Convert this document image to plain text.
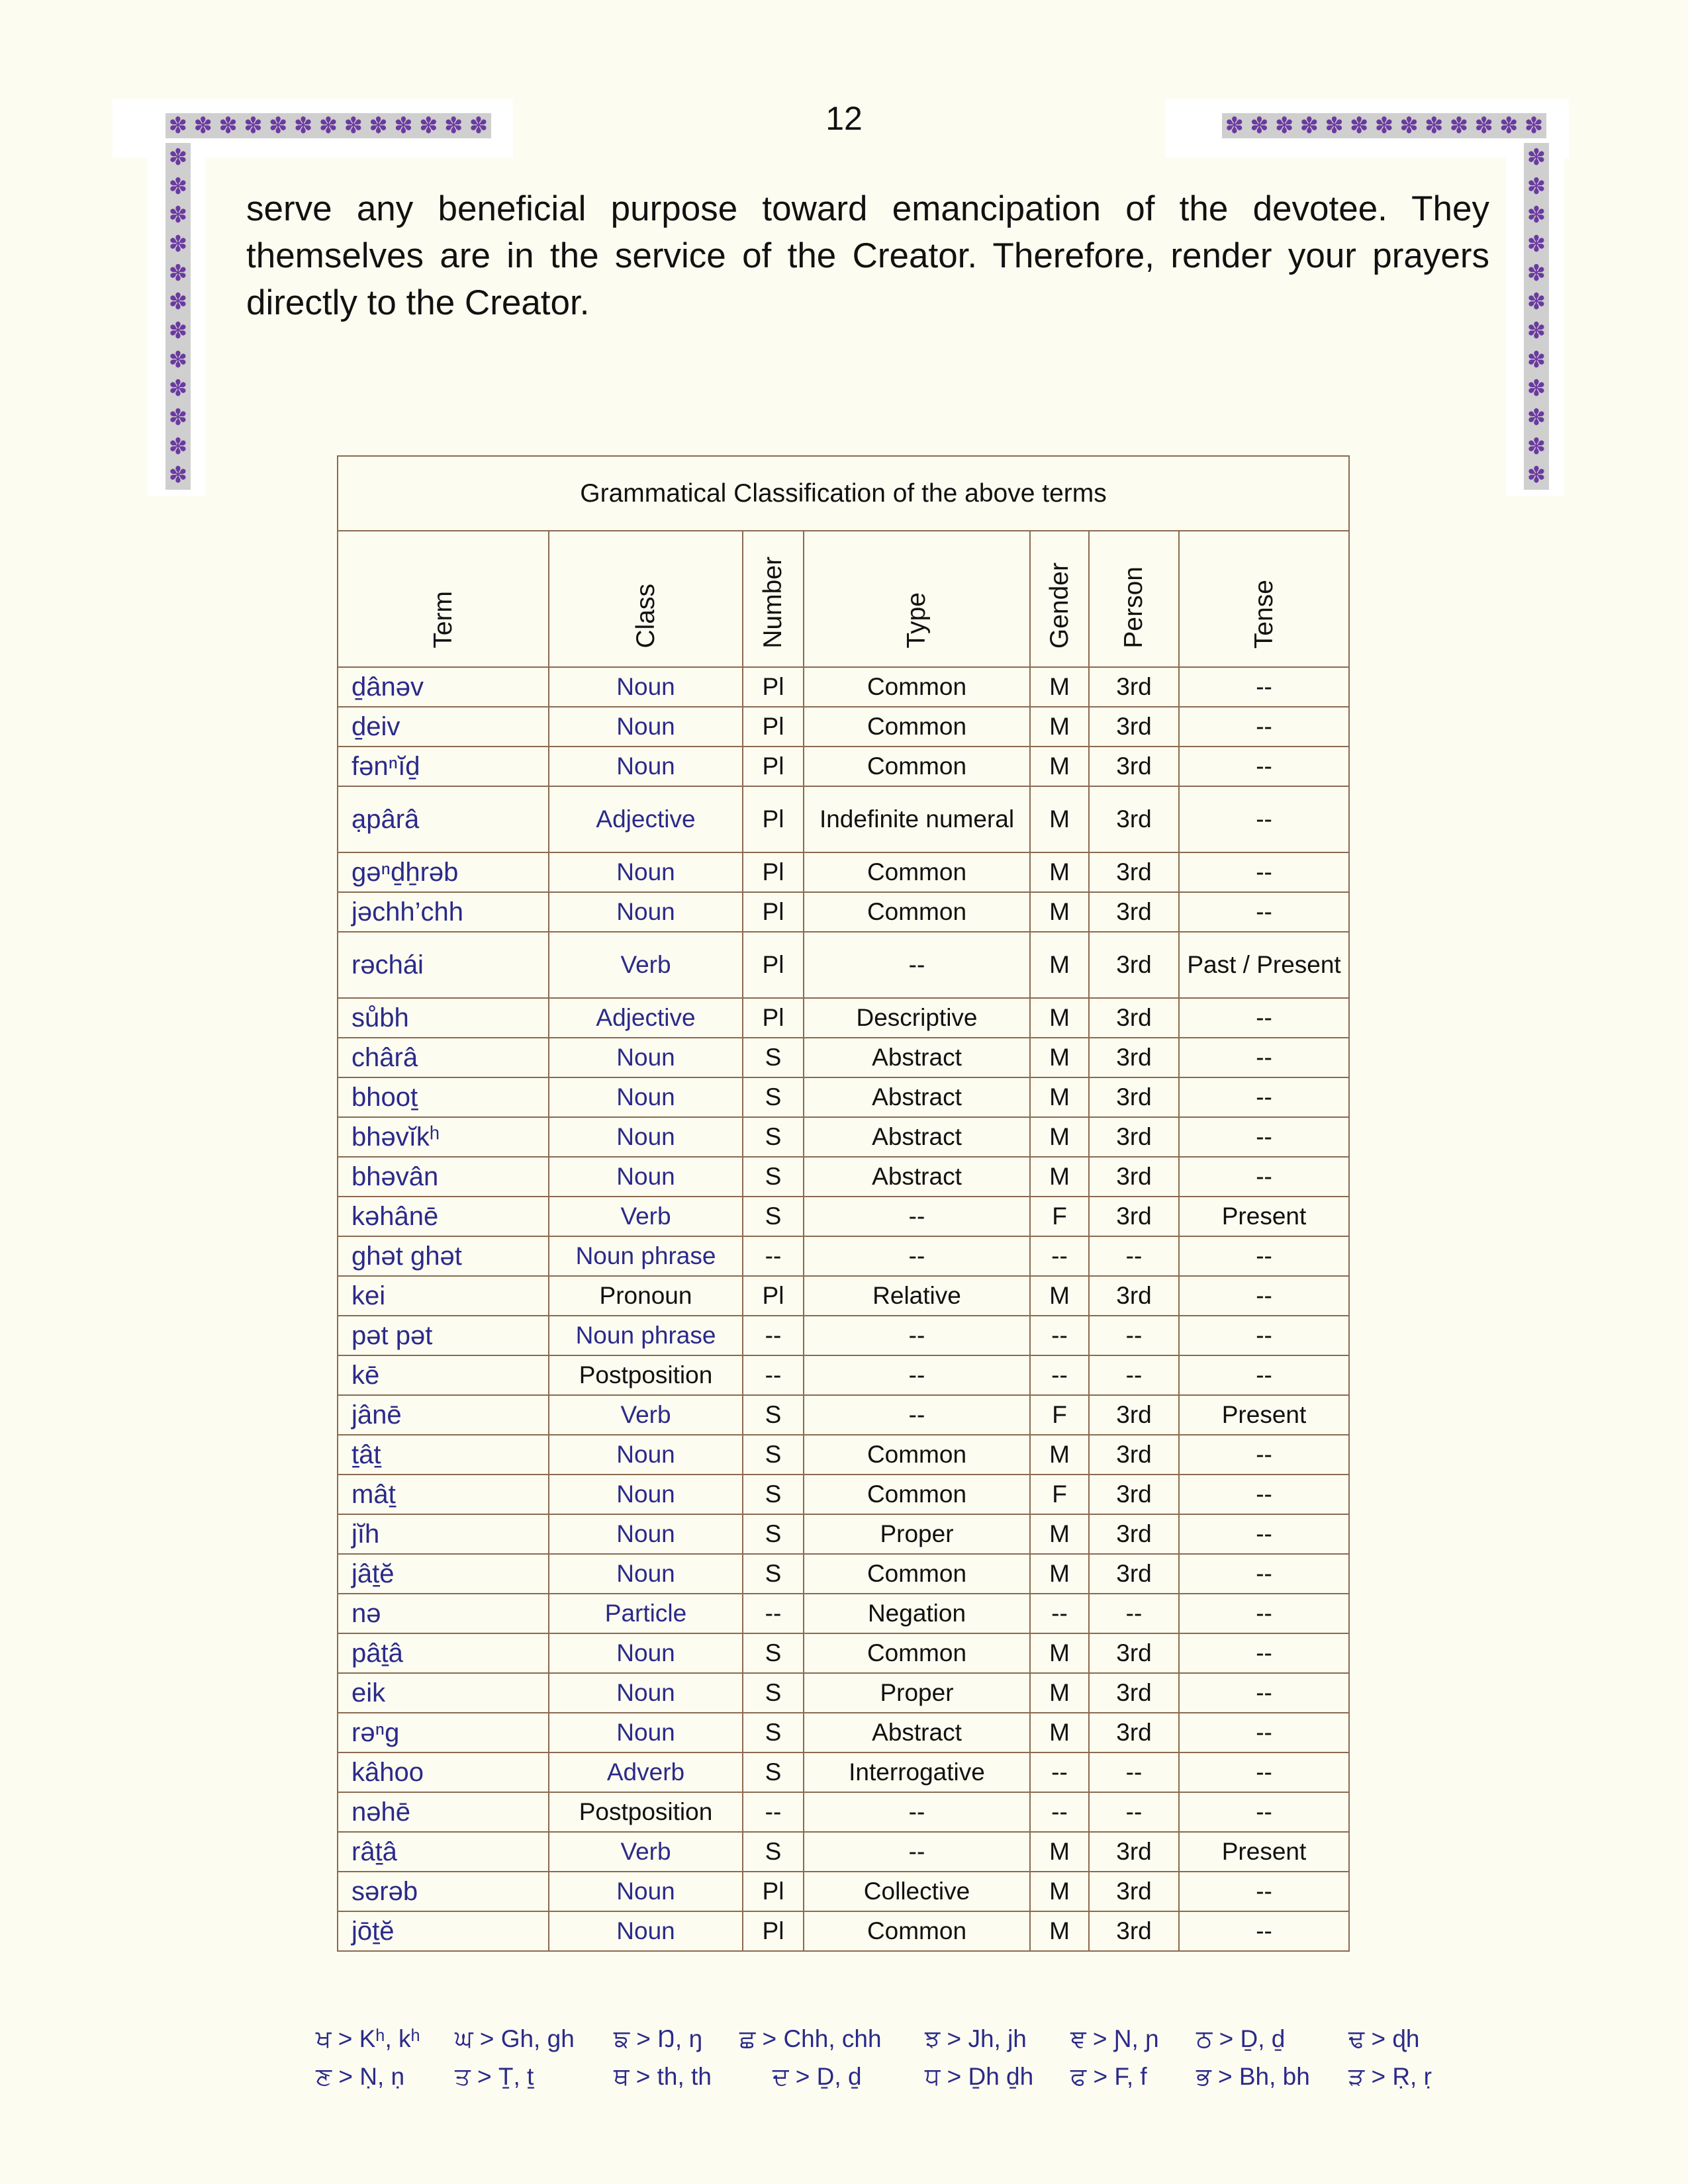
✽ ✽ ✽ ✽ ✽ ✽ ✽ ✽ ✽ ✽ ✽ ✽ ✽	✽ ✽ ✽ ✽ ✽ ✽ ✽ ✽ ✽ ✽ ✽ ✽ ✽
✽
✽
✽
✽
✽
✽
✽
✽
✽
✽
✽
✽
✽
✽
✽
✽
✽
✽
✽
✽
✽
✽
✽
✽
12

serve any beneficial purpose toward emancipation of the devotee. They themselves are in the service of the Creator. Therefore, render your prayers directly to the Creator.

Grammatical Classification of the above terms						
Term	Class	Number	Type	Gender	Person	Tense
ḏânəv	Noun	Pl	Common	M	3rd	--
ḏeiv	Noun	Pl	Common	M	3rd	--
fənⁿĭḏ	Noun	Pl	Common	M	3rd	--
ạpârâ	Adjective	Pl	Indefinite numeral	M	3rd	--
gəⁿḏẖrəb	Noun	Pl	Common	M	3rd	--
jəchh’chh	Noun	Pl	Common	M	3rd	--
rəchái	Verb	Pl	--	M	3rd	Past / Present
sůbh	Adjective	Pl	Descriptive	M	3rd	--
chârâ	Noun	S	Abstract	M	3rd	--
bhooṯ	Noun	S	Abstract	M	3rd	--
bhəvĭkʰ	Noun	S	Abstract	M	3rd	--
bhəvân	Noun	S	Abstract	M	3rd	--
kəhânē	Verb	S	--	F	3rd	Present
ghət ghət	Noun phrase	--	--	--	--	--
kei	Pronoun	Pl	Relative	M	3rd	--
pət pət	Noun phrase	--	--	--	--	--
kē	Postposition	--	--	--	--	--
jânē	Verb	S	--	F	3rd	Present
ṯâṯ	Noun	S	Common	M	3rd	--
mâṯ	Noun	S	Common	F	3rd	--
jĭh	Noun	S	Proper	M	3rd	--
jâṯĕ	Noun	S	Common	M	3rd	--
nə	Particle	--	Negation	--	--	--
pâṯâ	Noun	S	Common	M	3rd	--
eik	Noun	S	Proper	M	3rd	--
rəⁿg	Noun	S	Abstract	M	3rd	--
kâhoo	Adverb	S	Interrogative	--	--	--
nəhē	Postposition	--	--	--	--	--
râṯâ	Verb	S	--	M	3rd	Present
sərəb	Noun	Pl	Collective	M	3rd	--
jōṯĕ	Noun	Pl	Common	M	3rd	--
ਖ > Kʰ, kʰ ਘ > Gh, gh ਙ > Ŋ, ŋ ਛ > Chh, chh ਝ > Jh, jh ਞ > Ɲ, ɲ ਠ > Ḏ, ḏ	ਢ > ɖh
ਣ > Ṇ, ṇ ਤ > Ṯ, ṯ	ਥ > th, th ਦ > Ḏ, ḏ	ਧ > Ḏh ḏh ਫ > F, f ਭ > Bh, bh ੜ > Ṛ, ṛ
